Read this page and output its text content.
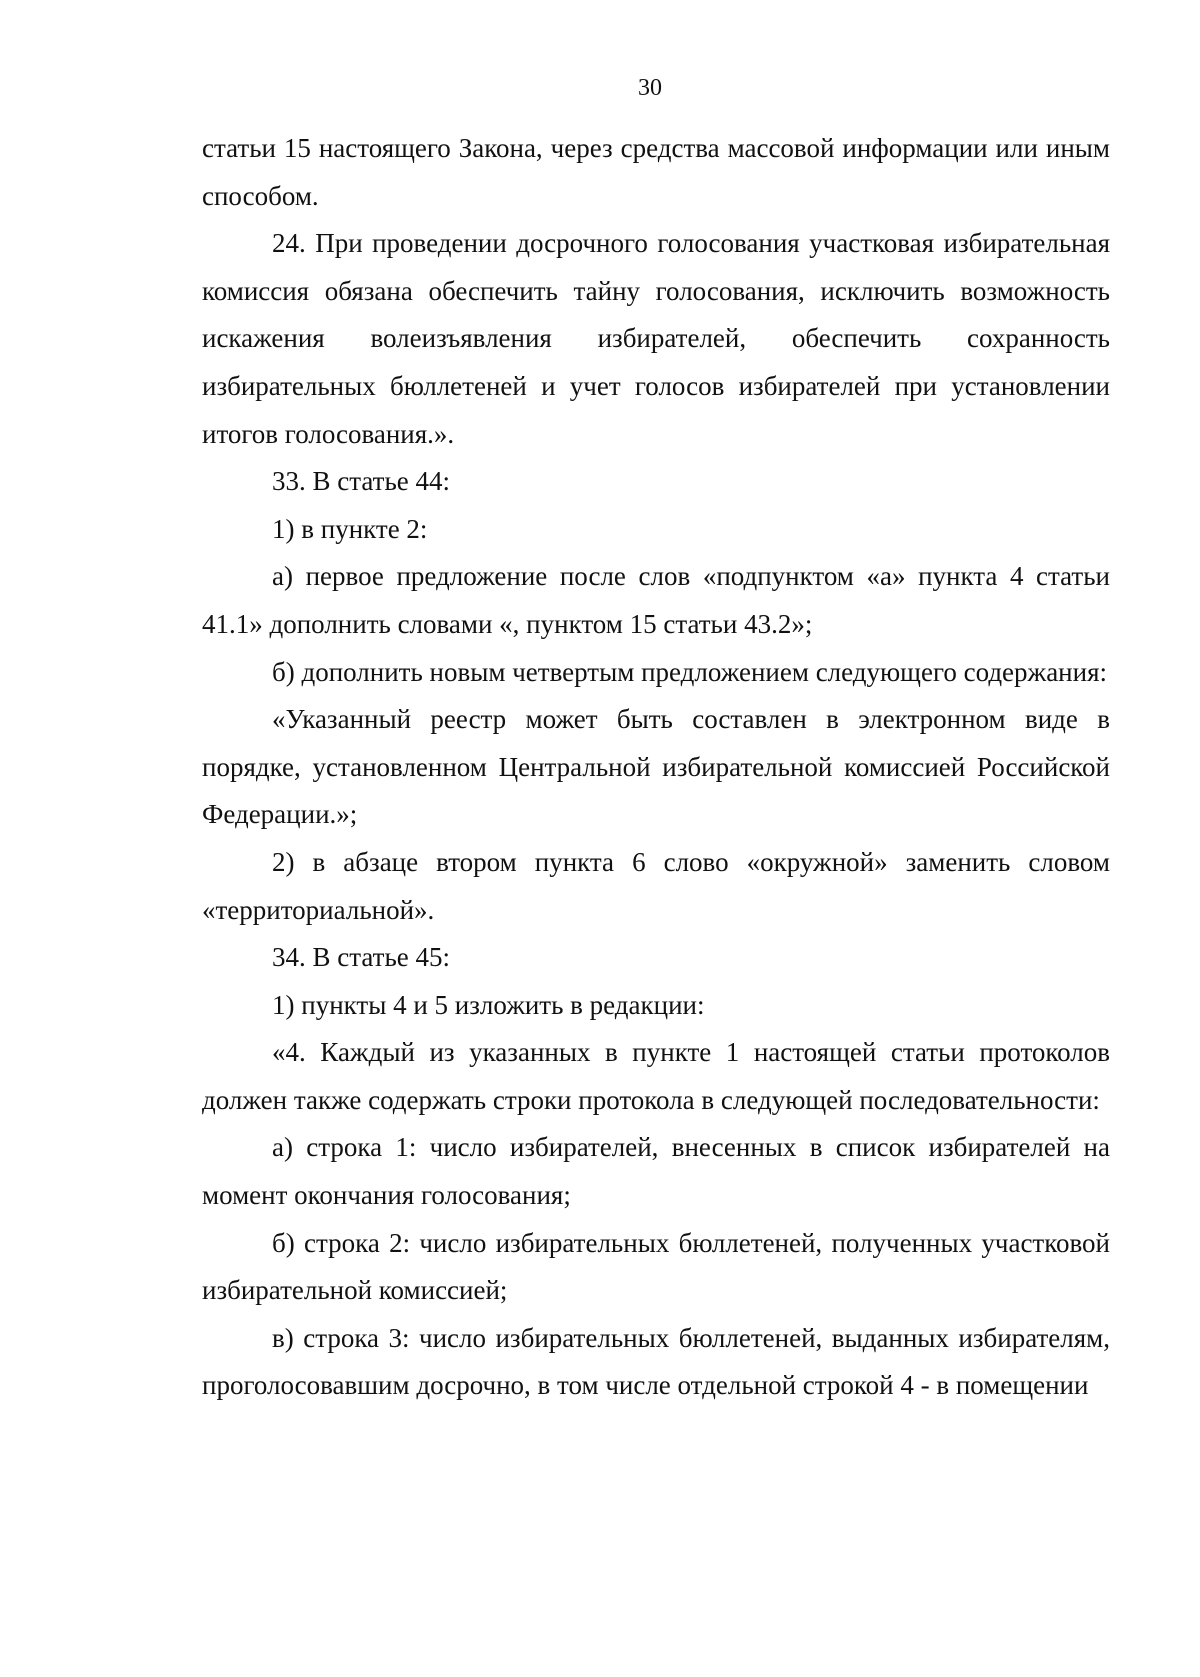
30

статьи 15 настоящего Закона, через средства массовой информации или иным способом.

24. При проведении досрочного голосования участковая избирательная комиссия обязана обеспечить тайну голосования, исключить возможность искажения волеизъявления избирателей, обеспечить сохранность избирательных бюллетеней и учет голосов избирателей при установлении итогов голосования.».

33. В статье 44:

1) в пункте 2:

а) первое предложение после слов «подпунктом «а» пункта 4 статьи 41.1» дополнить словами «, пунктом 15 статьи 43.2»;

б) дополнить новым четвертым предложением следующего содержания:

«Указанный реестр может быть составлен в электронном виде в порядке, установленном Центральной избирательной комиссией Российской Федерации.»;

2) в абзаце втором пункта 6 слово «окружной» заменить словом «территориальной».

34. В статье 45:

1) пункты 4 и 5 изложить в редакции:

«4. Каждый из указанных в пункте 1 настоящей статьи протоколов должен также содержать строки протокола в следующей последовательности:

а) строка 1: число избирателей, внесенных в список избирателей на момент окончания голосования;

б) строка 2: число избирательных бюллетеней, полученных участковой избирательной комиссией;

в) строка 3: число избирательных бюллетеней, выданных избирателям, проголосовавшим досрочно, в том числе отдельной строкой 4 - в помещении
